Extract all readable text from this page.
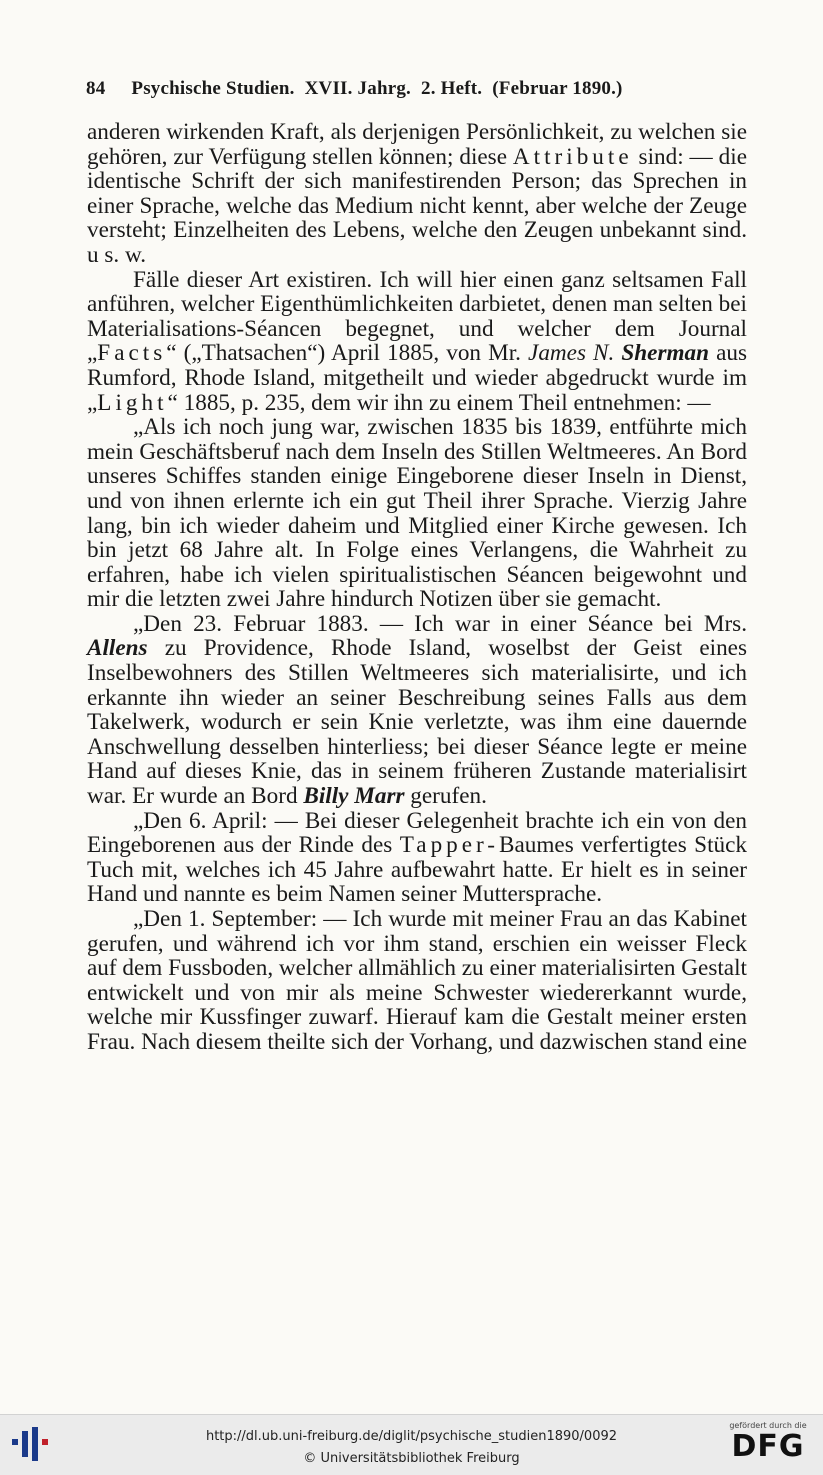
84 Psychische Studien. XVII. Jahrg. 2. Heft. (Februar 1890.)

anderen wirkenden Kraft, als derjenigen Persönlichkeit, zu welchen sie gehören, zur Verfügung stellen können; diese Attribute sind: — die identische Schrift der sich manifestirenden Person; das Sprechen in einer Sprache, welche das Medium nicht kennt, aber welche der Zeuge versteht; Einzelheiten des Lebens, welche den Zeugen unbekannt sind. u s. w.

Fälle dieser Art existiren. Ich will hier einen ganz seltsamen Fall anführen, welcher Eigenthümlichkeiten darbietet, denen man selten bei Materialisations-Séancen begegnet, und welcher dem Journal „Facts“ („Thatsachen“) April 1885, von Mr. James N. Sherman aus Rumford, Rhode Island, mitgetheilt und wieder abgedruckt wurde im „Light“ 1885, p. 235, dem wir ihn zu einem Theil entnehmen: —

„Als ich noch jung war, zwischen 1835 bis 1839, entführte mich mein Geschäftsberuf nach dem Inseln des Stillen Weltmeeres. An Bord unseres Schiffes standen einige Eingeborene dieser Inseln in Dienst, und von ihnen erlernte ich ein gut Theil ihrer Sprache. Vierzig Jahre lang, bin ich wieder daheim und Mitglied einer Kirche gewesen. Ich bin jetzt 68 Jahre alt. In Folge eines Verlangens, die Wahrheit zu erfahren, habe ich vielen spiritualistischen Séancen beigewohnt und mir die letzten zwei Jahre hindurch Notizen über sie gemacht.

„Den 23. Februar 1883. — Ich war in einer Séance bei Mrs. Allens zu Providence, Rhode Island, woselbst der Geist eines Inselbewohners des Stillen Weltmeeres sich materialisirte, und ich erkannte ihn wieder an seiner Beschreibung seines Falls aus dem Takelwerk, wodurch er sein Knie verletzte, was ihm eine dauernde Anschwellung desselben hinterliess; bei dieser Séance legte er meine Hand auf dieses Knie, das in seinem früheren Zustande materialisirt war. Er wurde an Bord Billy Marr gerufen.

„Den 6. April: — Bei dieser Gelegenheit brachte ich ein von den Eingeborenen aus der Rinde des Tapper-Baumes verfertigtes Stück Tuch mit, welches ich 45 Jahre aufbewahrt hatte. Er hielt es in seiner Hand und nannte es beim Namen seiner Muttersprache.

„Den 1. September: — Ich wurde mit meiner Frau an das Kabinet gerufen, und während ich vor ihm stand, erschien ein weisser Fleck auf dem Fussboden, welcher allmählich zu einer materialisirten Gestalt entwickelt und von mir als meine Schwester wiedererkannt wurde, welche mir Kussfinger zuwarf. Hierauf kam die Gestalt meiner ersten Frau. Nach diesem theilte sich der Vorhang, und dazwischen stand eine

http://dl.ub.uni-freiburg.de/diglit/psychische_studien1890/0092
© Universitätsbibliothek Freiburg
gefördert durch die
DFG
